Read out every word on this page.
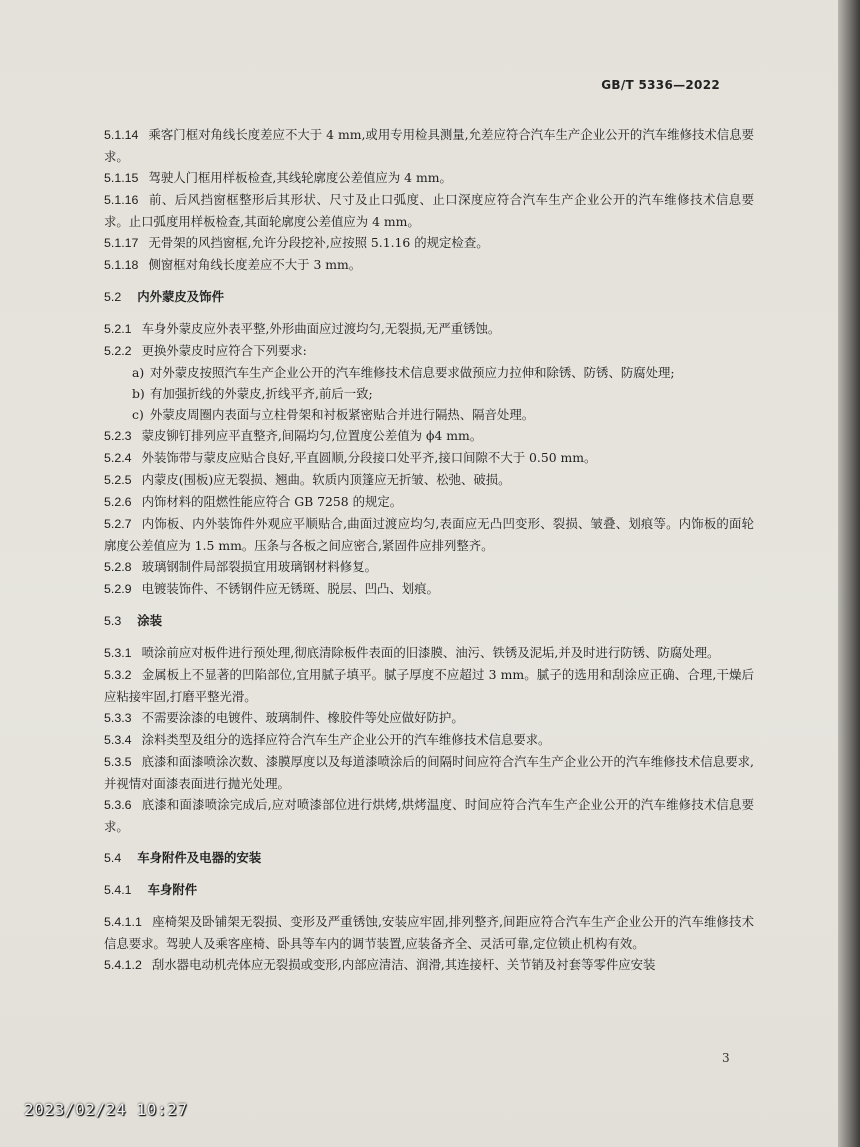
GB/T 5336—2022

5.1.14 乘客门框对角线长度差应不大于 4 mm,或用专用检具测量,允差应符合汽车生产企业公开的汽车维修技术信息要求。

5.1.15 驾驶人门框用样板检查,其线轮廓度公差值应为 4 mm。

5.1.16 前、后风挡窗框整形后其形状、尺寸及止口弧度、止口深度应符合汽车生产企业公开的汽车维修技术信息要求。止口弧度用样板检查,其面轮廓度公差值应为 4 mm。

5.1.17 无骨架的风挡窗框,允许分段挖补,应按照 5.1.16 的规定检查。

5.1.18 侧窗框对角线长度差应不大于 3 mm。

5.2 内外蒙皮及饰件

5.2.1 车身外蒙皮应外表平整,外形曲面应过渡均匀,无裂损,无严重锈蚀。

5.2.2 更换外蒙皮时应符合下列要求:

a) 对外蒙皮按照汽车生产企业公开的汽车维修技术信息要求做预应力拉伸和除锈、防锈、防腐处理;

b) 有加强折线的外蒙皮,折线平齐,前后一致;

c) 外蒙皮周圈内表面与立柱骨架和衬板紧密贴合并进行隔热、隔音处理。

5.2.3 蒙皮铆钉排列应平直整齐,间隔均匀,位置度公差值为 ϕ4 mm。

5.2.4 外装饰带与蒙皮应贴合良好,平直圆顺,分段接口处平齐,接口间隙不大于 0.50 mm。

5.2.5 内蒙皮(围板)应无裂损、翘曲。软质内顶篷应无折皱、松弛、破损。

5.2.6 内饰材料的阻燃性能应符合 GB 7258 的规定。

5.2.7 内饰板、内外装饰件外观应平顺贴合,曲面过渡应均匀,表面应无凸凹变形、裂损、皱叠、划痕等。内饰板的面轮廓度公差值应为 1.5 mm。压条与各板之间应密合,紧固件应排列整齐。

5.2.8 玻璃钢制件局部裂损宜用玻璃钢材料修复。

5.2.9 电镀装饰件、不锈钢件应无锈斑、脱层、凹凸、划痕。

5.3 涂装

5.3.1 喷涂前应对板件进行预处理,彻底清除板件表面的旧漆膜、油污、铁锈及泥垢,并及时进行防锈、防腐处理。

5.3.2 金属板上不显著的凹陷部位,宜用腻子填平。腻子厚度不应超过 3 mm。腻子的选用和刮涂应正确、合理,干燥后应粘接牢固,打磨平整光滑。

5.3.3 不需要涂漆的电镀件、玻璃制件、橡胶件等处应做好防护。

5.3.4 涂料类型及组分的选择应符合汽车生产企业公开的汽车维修技术信息要求。

5.3.5 底漆和面漆喷涂次数、漆膜厚度以及每道漆喷涂后的间隔时间应符合汽车生产企业公开的汽车维修技术信息要求,并视情对面漆表面进行抛光处理。

5.3.6 底漆和面漆喷涂完成后,应对喷漆部位进行烘烤,烘烤温度、时间应符合汽车生产企业公开的汽车维修技术信息要求。

5.4 车身附件及电器的安装
5.4.1 车身附件

5.4.1.1 座椅架及卧铺架无裂损、变形及严重锈蚀,安装应牢固,排列整齐,间距应符合汽车生产企业公开的汽车维修技术信息要求。驾驶人及乘客座椅、卧具等车内的调节装置,应装备齐全、灵活可靠,定位锁止机构有效。

5.4.1.2 刮水器电动机壳体应无裂损或变形,内部应清洁、润滑,其连接杆、关节销及衬套等零件应安装

3
2023/02/24 10:27
